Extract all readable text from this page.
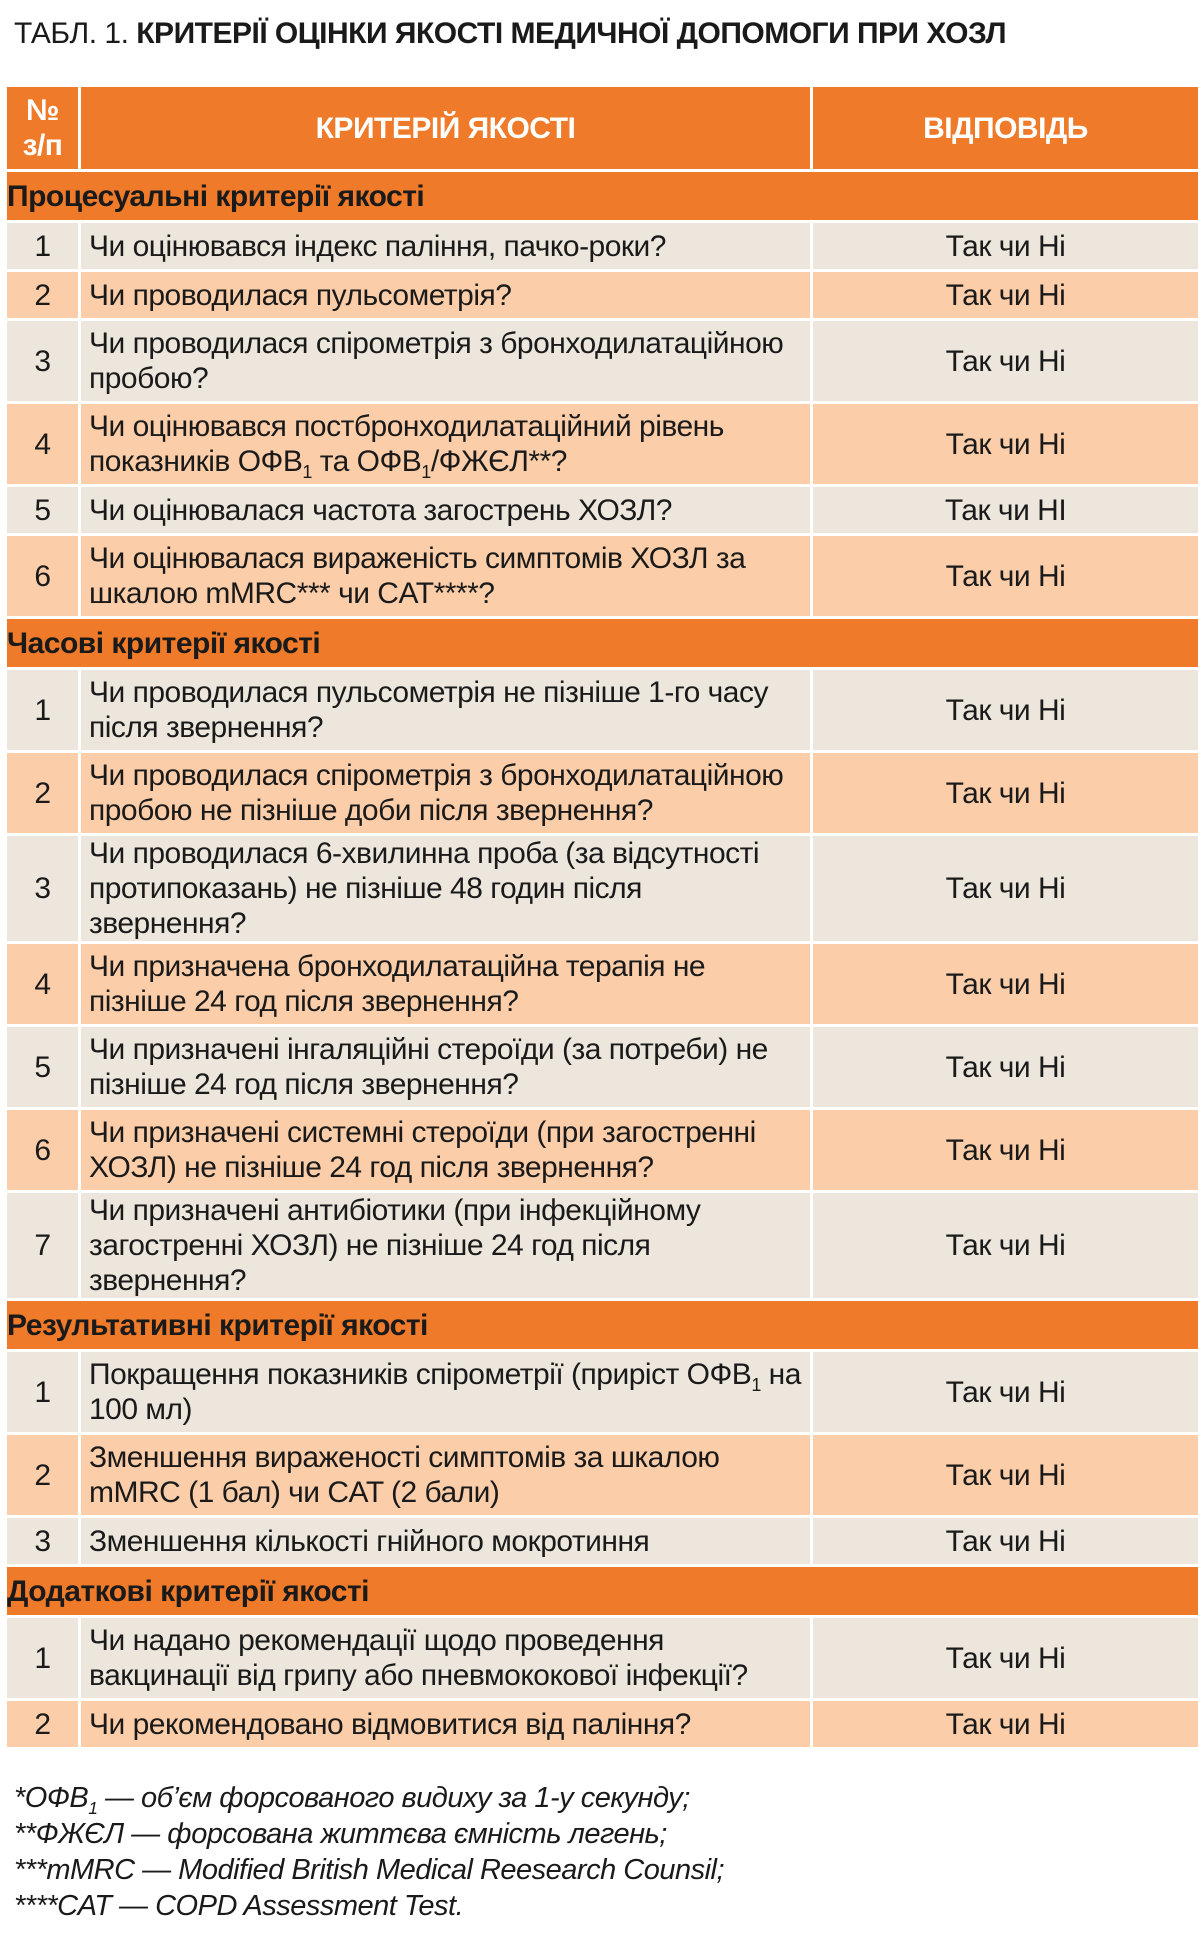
ТАБЛ. 1. КРИТЕРІЇ ОЦІНКИ ЯКОСТІ МЕДИЧНОЇ ДОПОМОГИ ПРИ ХОЗЛ
№
з/п	КРИТЕРІЙ ЯКОСТІ	ВІДПОВІДЬ
Процесуальні критерії якості		
1	Чи оцінювався індекс паління, пачко-роки?	Так чи Ні
2	Чи проводилася пульсометрія?	Так чи Ні
3	Чи проводилася спірометрія з бронходилатаційною пробою?	Так чи Ні
4	Чи оцінювався постбронходилатаційний рівень показників $ОФВ_1$ та $ОФВ_1/ФЖЄЛ**$?	Так чи Ні
5	Чи оцінювалася частота загострень ХОЗЛ?	Так чи НІ
6	Чи оцінювалася вираженість симптомів ХОЗЛ за шкалою mMRC*** чи CAT****?	Так чи Ні
Часові критерії якості		
1	Чи проводилася пульсометрія не пізніше 1-го часу після звернення?	Так чи Ні
2	Чи проводилася спірометрія з бронходилатаційною пробою не пізніше доби після звернення?	Так чи Ні
3	Чи проводилася 6-хвилинна проба (за відсутності протипоказань) не пізніше 48 годин після звернення?	Так чи Ні
4	Чи призначена бронходилатаційна терапія не пізніше 24 год після звернення?	Так чи Ні
5	Чи призначені інгаляційні стероїди (за потреби) не пізніше 24 год після звернення?	Так чи Ні
6	Чи призначені системні стероїди (при загостренні ХОЗЛ) не пізніше 24 год після звернення?	Так чи Ні
7	Чи призначені антибіотики (при інфекційному загостренні ХОЗЛ) не пізніше 24 год після звернення?	Так чи Ні
Результативні критерії якості		
1	Покращення показників спірометрії (приріст $ОФВ_1$ на 100 мл)	Так чи Ні
2	Зменшення вираженості симптомів за шкалою mMRC (1 бал) чи CAT (2 бали)	Так чи Ні
3	Зменшення кількості гнійного мокротиння	Так чи Ні
Додаткові критерії якості		
1	Чи надано рекомендації щодо проведення вакцинації від грипу або пневмококової інфекції?	Так чи Ні
2	Чи рекомендовано відмовитися від паління?	Так чи Ні
$*ОФВ_1$ — об’єм форсованого видиху за 1-у секунду;
**ФЖЄЛ — форсована життєва ємність легень;
***mMRC — Modified British Medical Reesearch Counsil;
****CAT — COPD Assessment Test.
